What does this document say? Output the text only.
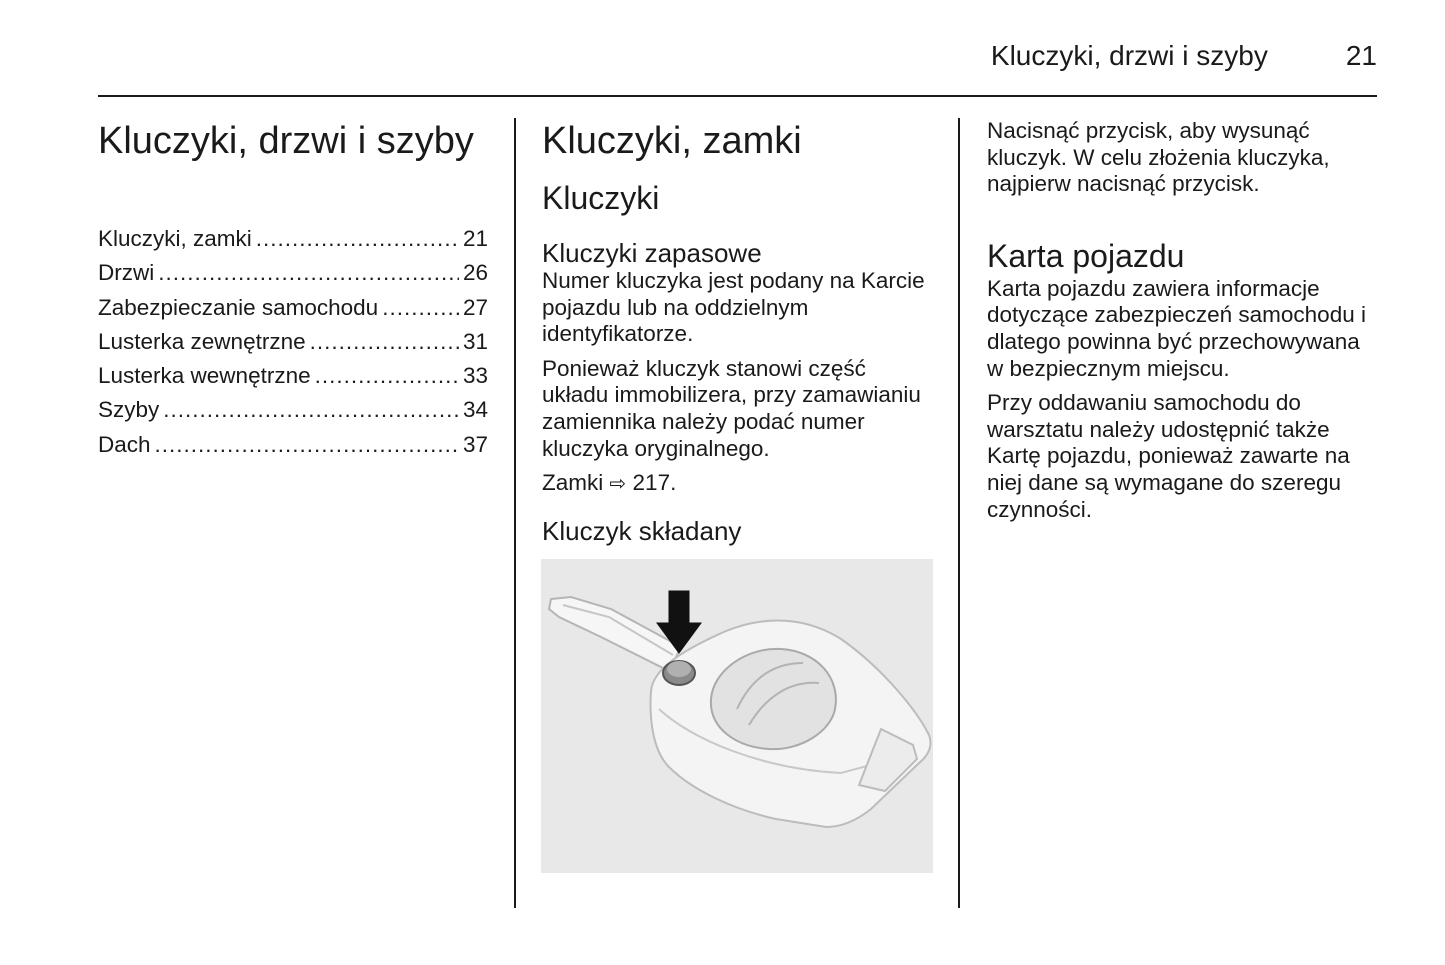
Kluczyki, drzwi i szyby	21
Kluczyki, drzwi i szyby
Kluczyki, zamki .....	21
Drzwi .....	26
Zabezpieczanie samochodu .....	27
Lusterka zewnętrzne .....	31
Lusterka wewnętrzne .....	33
Szyby .....	34
Dach .....	37
Kluczyki, zamki
Kluczyki
Kluczyki zapasowe

Numer kluczyka jest podany na Karcie pojazdu lub na oddzielnym identyfikatorze.

Ponieważ kluczyk stanowi część układu immobilizera, przy zamawianiu zamiennika należy podać numer kluczyka oryginalnego.

Zamki ⇨ 217.

Kluczyk składany

Nacisnąć przycisk, aby wysunąć kluczyk. W celu złożenia kluczyka, najpierw nacisnąć przycisk.

Karta pojazdu

Karta pojazdu zawiera informacje dotyczące zabezpieczeń samochodu i dlatego powinna być przechowywana w bezpiecznym miejscu.

Przy oddawaniu samochodu do warsztatu należy udostępnić także Kartę pojazdu, ponieważ zawarte na niej dane są wymagane do szeregu czynności.
